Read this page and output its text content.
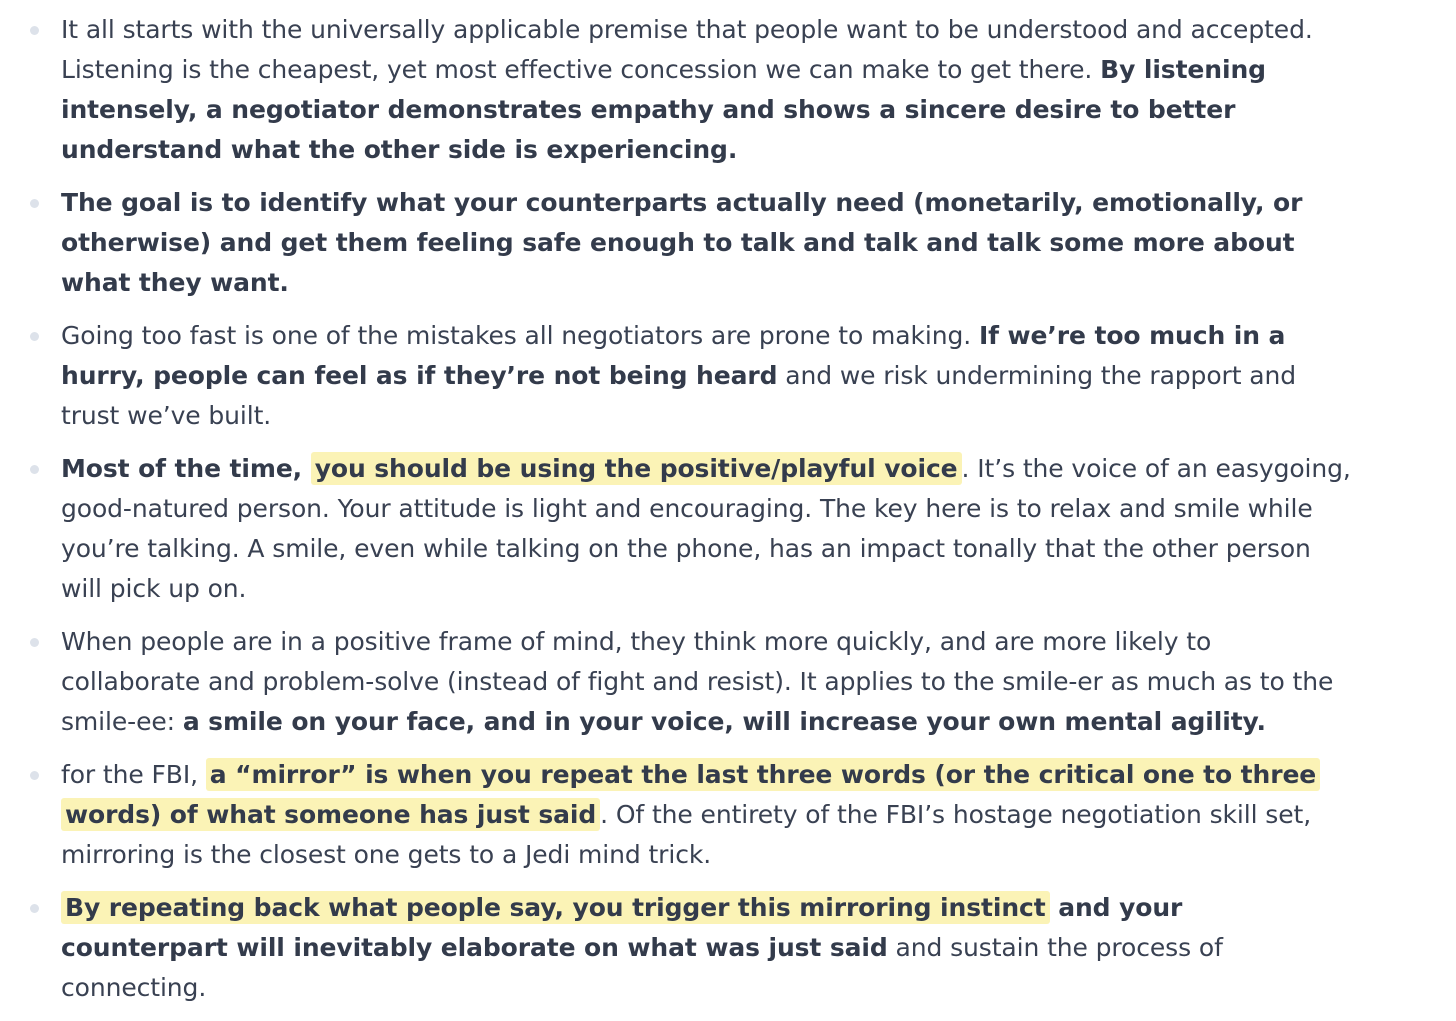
It all starts with the universally applicable premise that people want to be understood and accepted. Listening is the cheapest, yet most effective concession we can make to get there. By listening intensely, a negotiator demonstrates empathy and shows a sincere desire to better understand what the other side is experiencing.
The goal is to identify what your counterparts actually need (monetarily, emotionally, or otherwise) and get them feeling safe enough to talk and talk and talk some more about what they want.
Going too fast is one of the mistakes all negotiators are prone to making. If we’re too much in a hurry, people can feel as if they’re not being heard and we risk undermining the rapport and trust we’ve built.
Most of the time, you should be using the positive/playful voice . It’s the voice of an easygoing, good-natured person. Your attitude is light and encouraging. The key here is to relax and smile while you’re talking. A smile, even while talking on the phone, has an impact tonally that the other person will pick up on.
When people are in a positive frame of mind, they think more quickly, and are more likely to collaborate and problem-solve (instead of fight and resist). It applies to the smile-er as much as to the smile-ee: a smile on your face, and in your voice, will increase your own mental agility.
for the FBI, a “mirror” is when you repeat the last three words (or the critical one to three words) of what someone has just said . Of the entirety of the FBI’s hostage negotiation skill set, mirroring is the closest one gets to a Jedi mind trick.
By repeating back what people say, you trigger this mirroring instinct and your counterpart will inevitably elaborate on what was just said and sustain the process of connecting.
